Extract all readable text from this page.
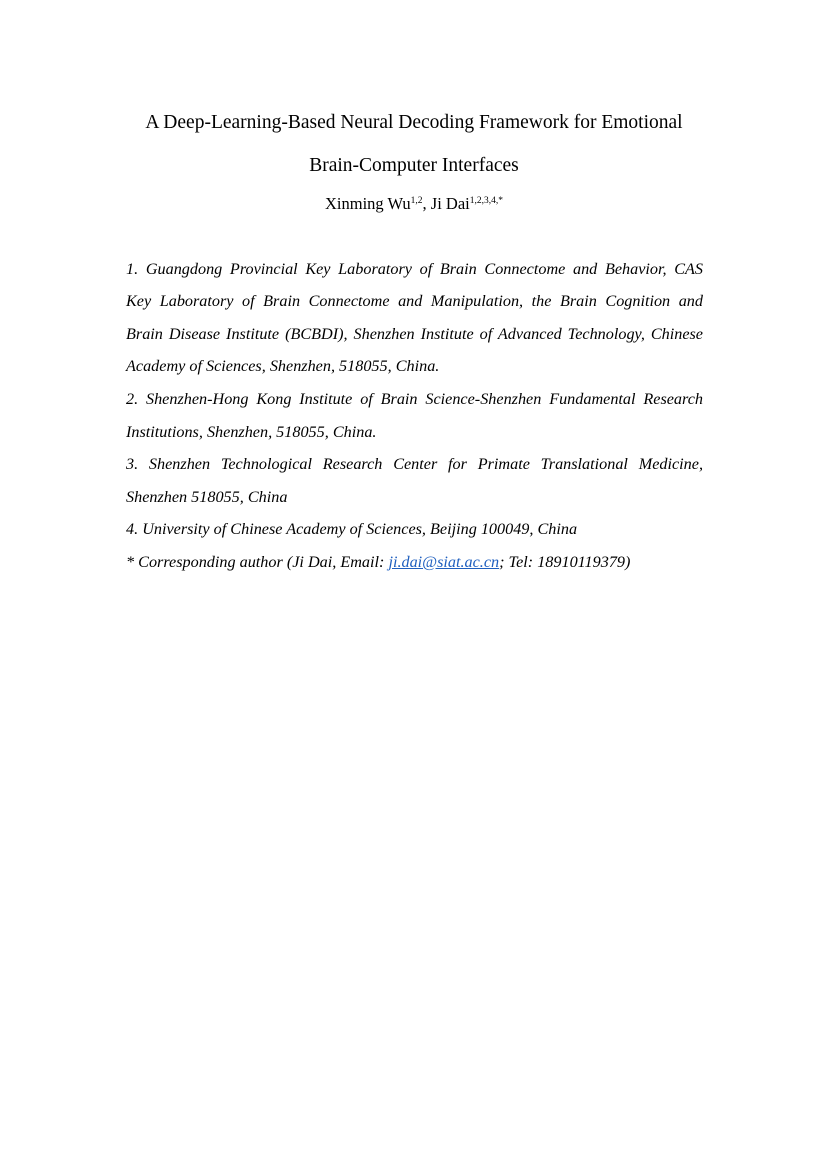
A Deep-Learning-Based Neural Decoding Framework for Emotional
Brain-Computer Interfaces
Xinming Wu$^{1,2}$, Ji Dai$^{1,2,3,4,*}$
1. Guangdong Provincial Key Laboratory of Brain Connectome and Behavior, CAS
Key Laboratory of Brain Connectome and Manipulation, the Brain Cognition and
Brain Disease Institute (BCBDI), Shenzhen Institute of Advanced Technology, Chinese
Academy of Sciences, Shenzhen, 518055, China.
2. Shenzhen-Hong Kong Institute of Brain Science-Shenzhen Fundamental Research
Institutions, Shenzhen, 518055, China.
3. Shenzhen Technological Research Center for Primate Translational Medicine,
Shenzhen 518055, China
4. University of Chinese Academy of Sciences, Beijing 100049, China
* Corresponding author (Ji Dai, Email: ji.dai@siat.ac.cn; Tel: 18910119379)
